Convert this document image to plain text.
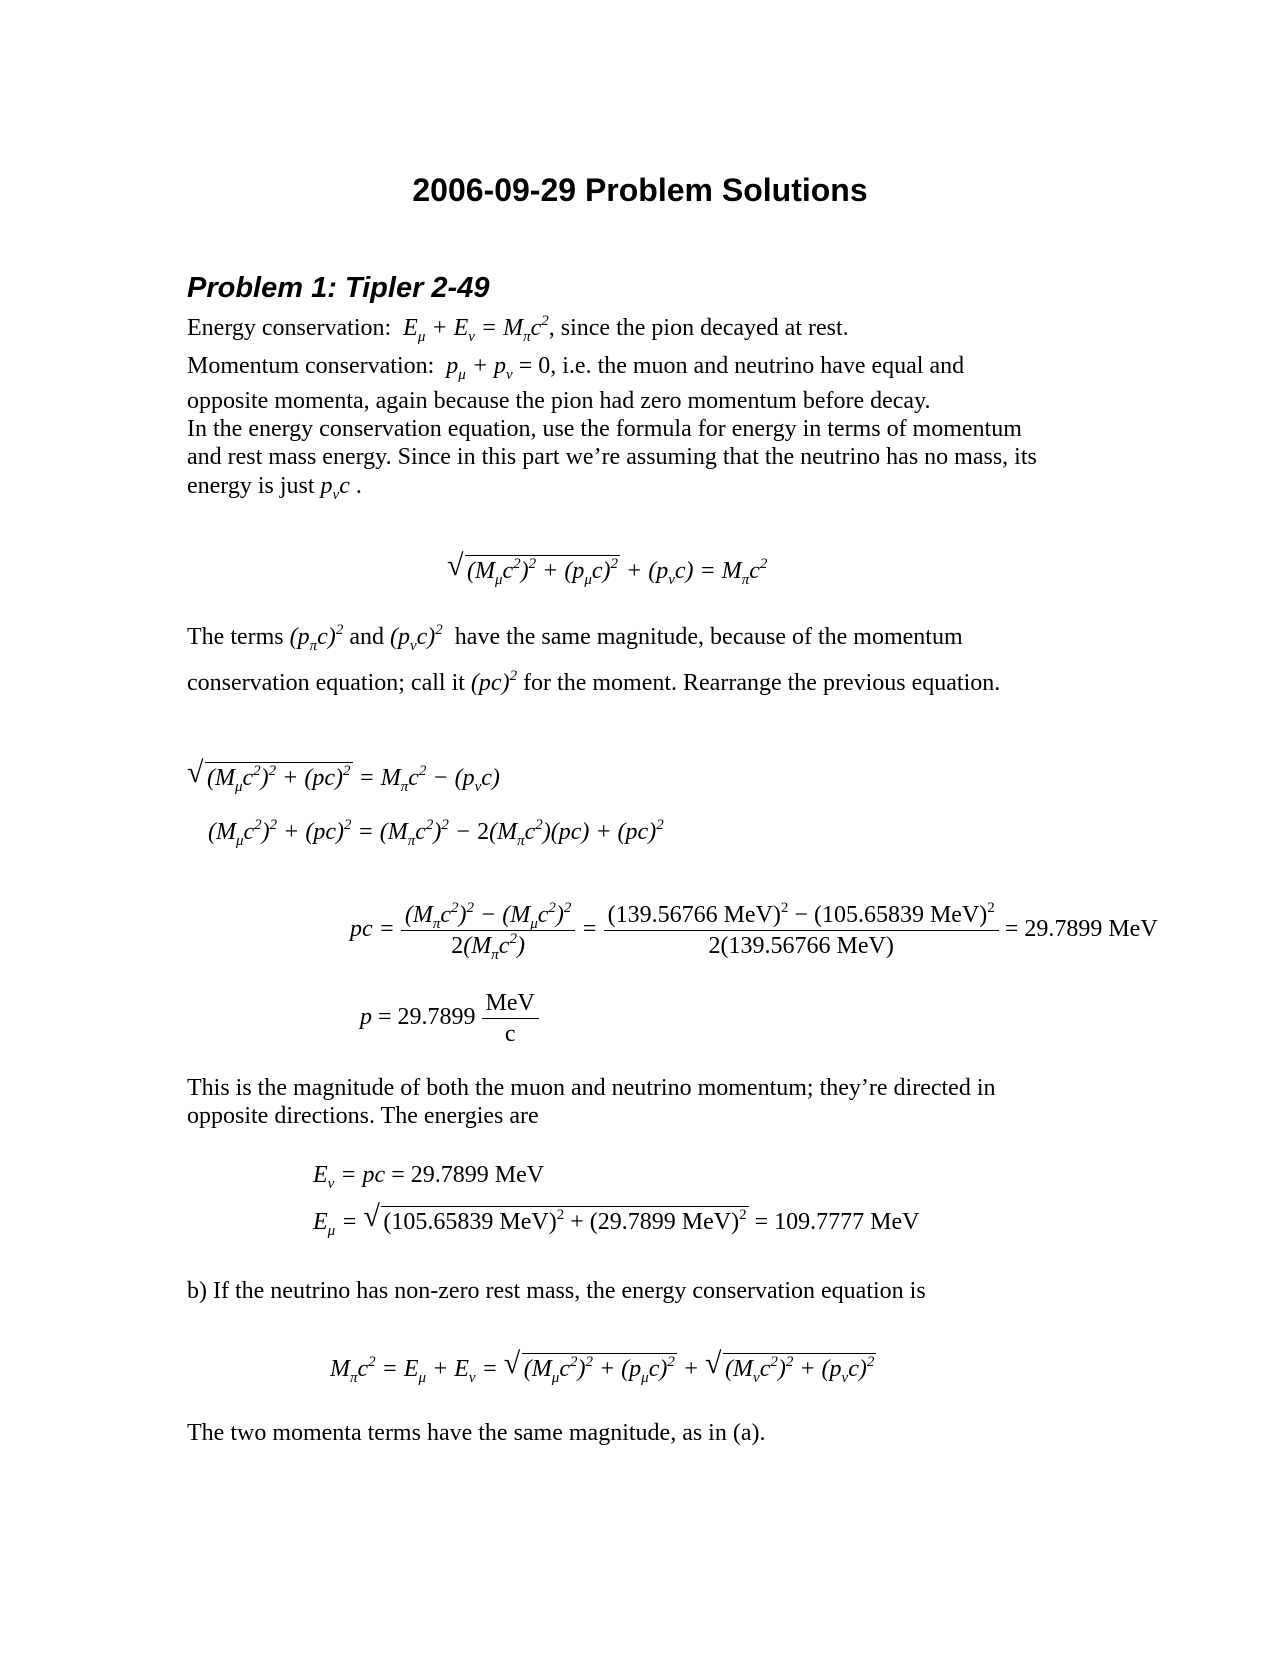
2006-09-29 Problem Solutions
Problem 1: Tipler 2-49

Energy conservation: $E_\mu + E_\nu = M_\pi c^2$, since the pion decayed at rest.

Momentum conservation: $p_\mu + p_\nu = 0$, i.e. the muon and neutrino have equal and

opposite momenta, again because the pion had zero momentum before decay.

In the energy conservation equation, use the formula for energy in terms of momentum

and rest mass energy. Since in this part we’re assuming that the neutrino has no mass, its

energy is just $p_\nu c$ .

√ $(M_\mu c^2)^2 + (p_\mu c)^2 + (p_\nu c) = M_\pi c^2$

The terms $(p_\pi c)^2$ and $(p_\nu c)^2$ have the same magnitude, because of the momentum

conservation equation; call it (pc)$^2$ for the moment. Rearrange the previous equation.

√ $(M_\mu c^2)^2 + (pc)^2 = M_\pi c^2 - (p_\nu c)$
$(M_\mu c^2)^2 + (pc)^2 = (M_\pi c^2)^2 - 2(M_\pi c^2)(pc) + (pc)^2$
pc = $\frac{(M_\pi c^2)^2 - (M_\mu c^2)^2}{2(M_\pi c^2)} = \frac{(139.56766 MeV)^2 - (105.65839 MeV)^2}{\text{2(139.56766 MeV)}} = 29.7899$ MeV
$p = 29.7899 \frac{\text{MeV}}{c}$

This is the magnitude of both the muon and neutrino momentum; they’re directed in

opposite directions. The energies are

$E_\nu$ = pc = 29.7899 MeV
$E_\mu$ = √ (105.65839 MeV)$^2$ + (29.7899 MeV)$^2$ = 109.7777 MeV

b) If the neutrino has non-zero rest mass, the energy conservation equation is

$M_\pi c^2 = E_\mu + E_\nu$ = √ $(M_\mu c^2)^2 + (p_\mu c)^2$ + √ $(M_\nu c^2)^2 + (p_\nu c)^2$

The two momenta terms have the same magnitude, as in (a).
